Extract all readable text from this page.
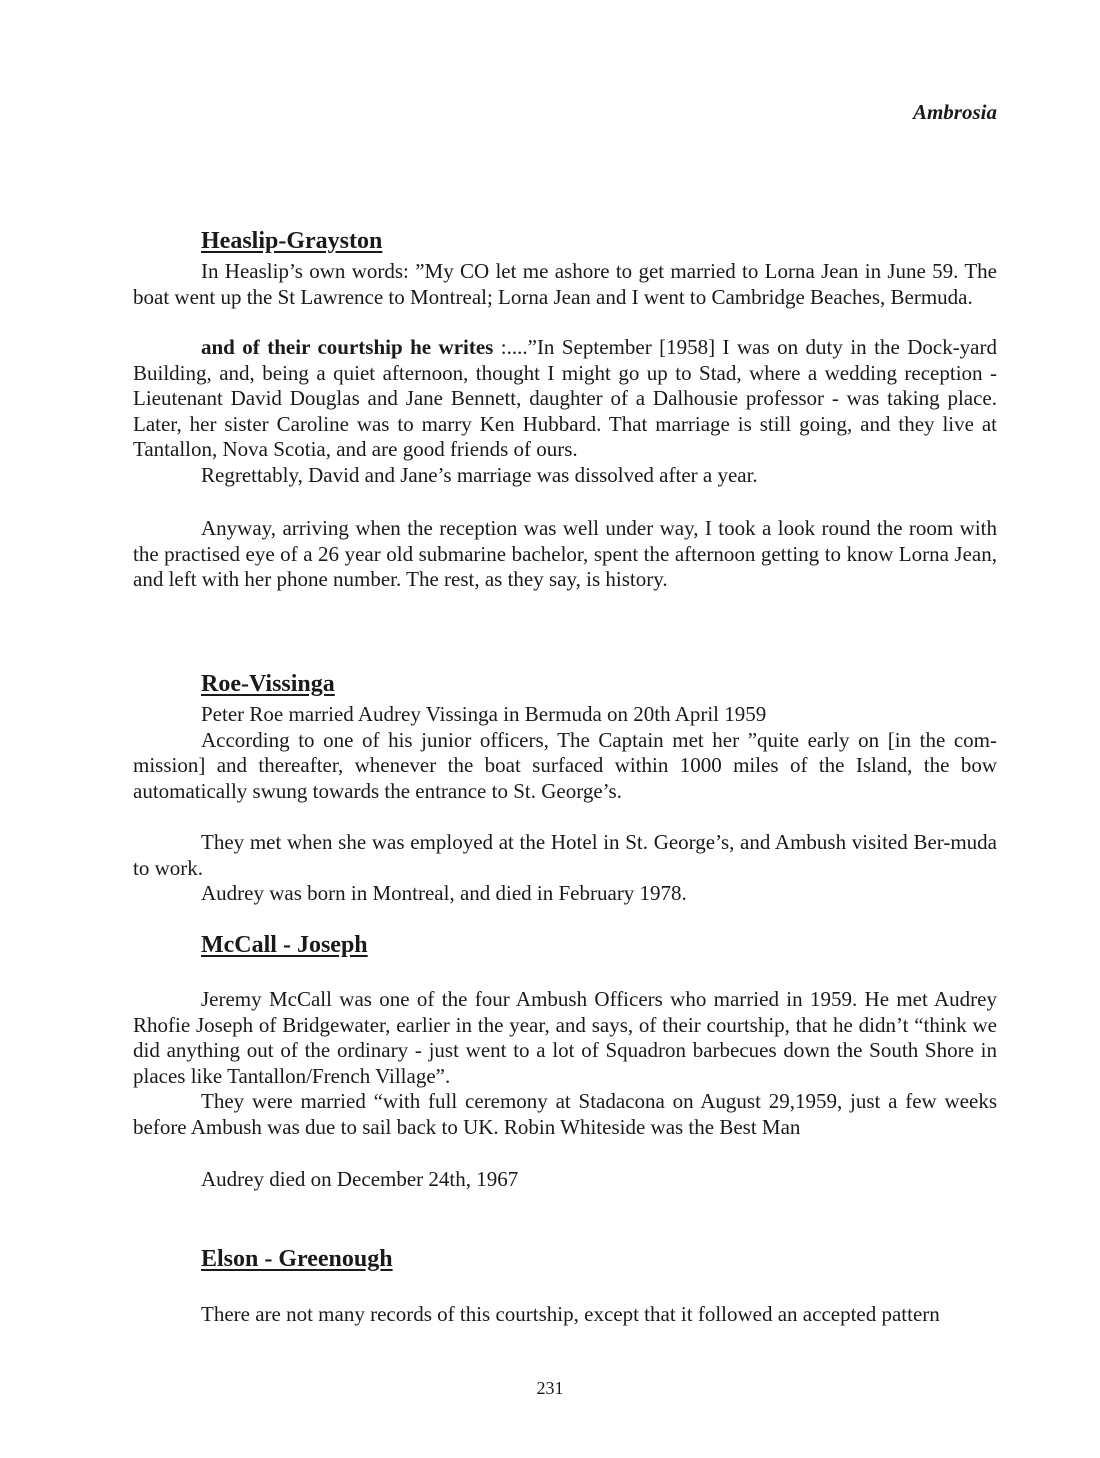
Ambrosia
Heaslip-Grayston

In Heaslip’s own words: ”My CO let me ashore to get married to Lorna Jean in June 59. The boat went up the St Lawrence to Montreal; Lorna Jean and I went to Cambridge Beaches, Bermuda.

and of their courtship he writes :....”In September [1958] I was on duty in the Dock-yard Building, and, being a quiet afternoon, thought I might go up to Stad, where a wedding reception - Lieutenant David Douglas and Jane Bennett, daughter of a Dalhousie professor - was taking place. Later, her sister Caroline was to marry Ken Hubbard. That marriage is still going, and they live at Tantallon, Nova Scotia, and are good friends of ours.

Regrettably, David and Jane’s marriage was dissolved after a year.

Anyway, arriving when the reception was well under way, I took a look round the room with the practised eye of a 26 year old submarine bachelor, spent the afternoon getting to know Lorna Jean, and left with her phone number. The rest, as they say, is history.

Roe-Vissinga

Peter Roe married Audrey Vissinga in Bermuda on 20th April 1959

According to one of his junior officers, The Captain met her ”quite early on [in the com-mission] and thereafter, whenever the boat surfaced within 1000 miles of the Island, the bow automatically swung towards the entrance to St. George’s.

They met when she was employed at the Hotel in St. George’s, and Ambush visited Ber-muda to work.

Audrey was born in Montreal, and died in February 1978.

McCall - Joseph

Jeremy McCall was one of the four Ambush Officers who married in 1959. He met Audrey Rhofie Joseph of Bridgewater, earlier in the year, and says, of their courtship, that he didn’t “think we did anything out of the ordinary - just went to a lot of Squadron barbecues down the South Shore in places like Tantallon/French Village”.

They were married “with full ceremony at Stadacona on August 29,1959, just a few weeks before Ambush was due to sail back to UK. Robin Whiteside was the Best Man

Audrey died on December 24th, 1967

Elson - Greenough

There are not many records of this courtship, except that it followed an accepted pattern

231
